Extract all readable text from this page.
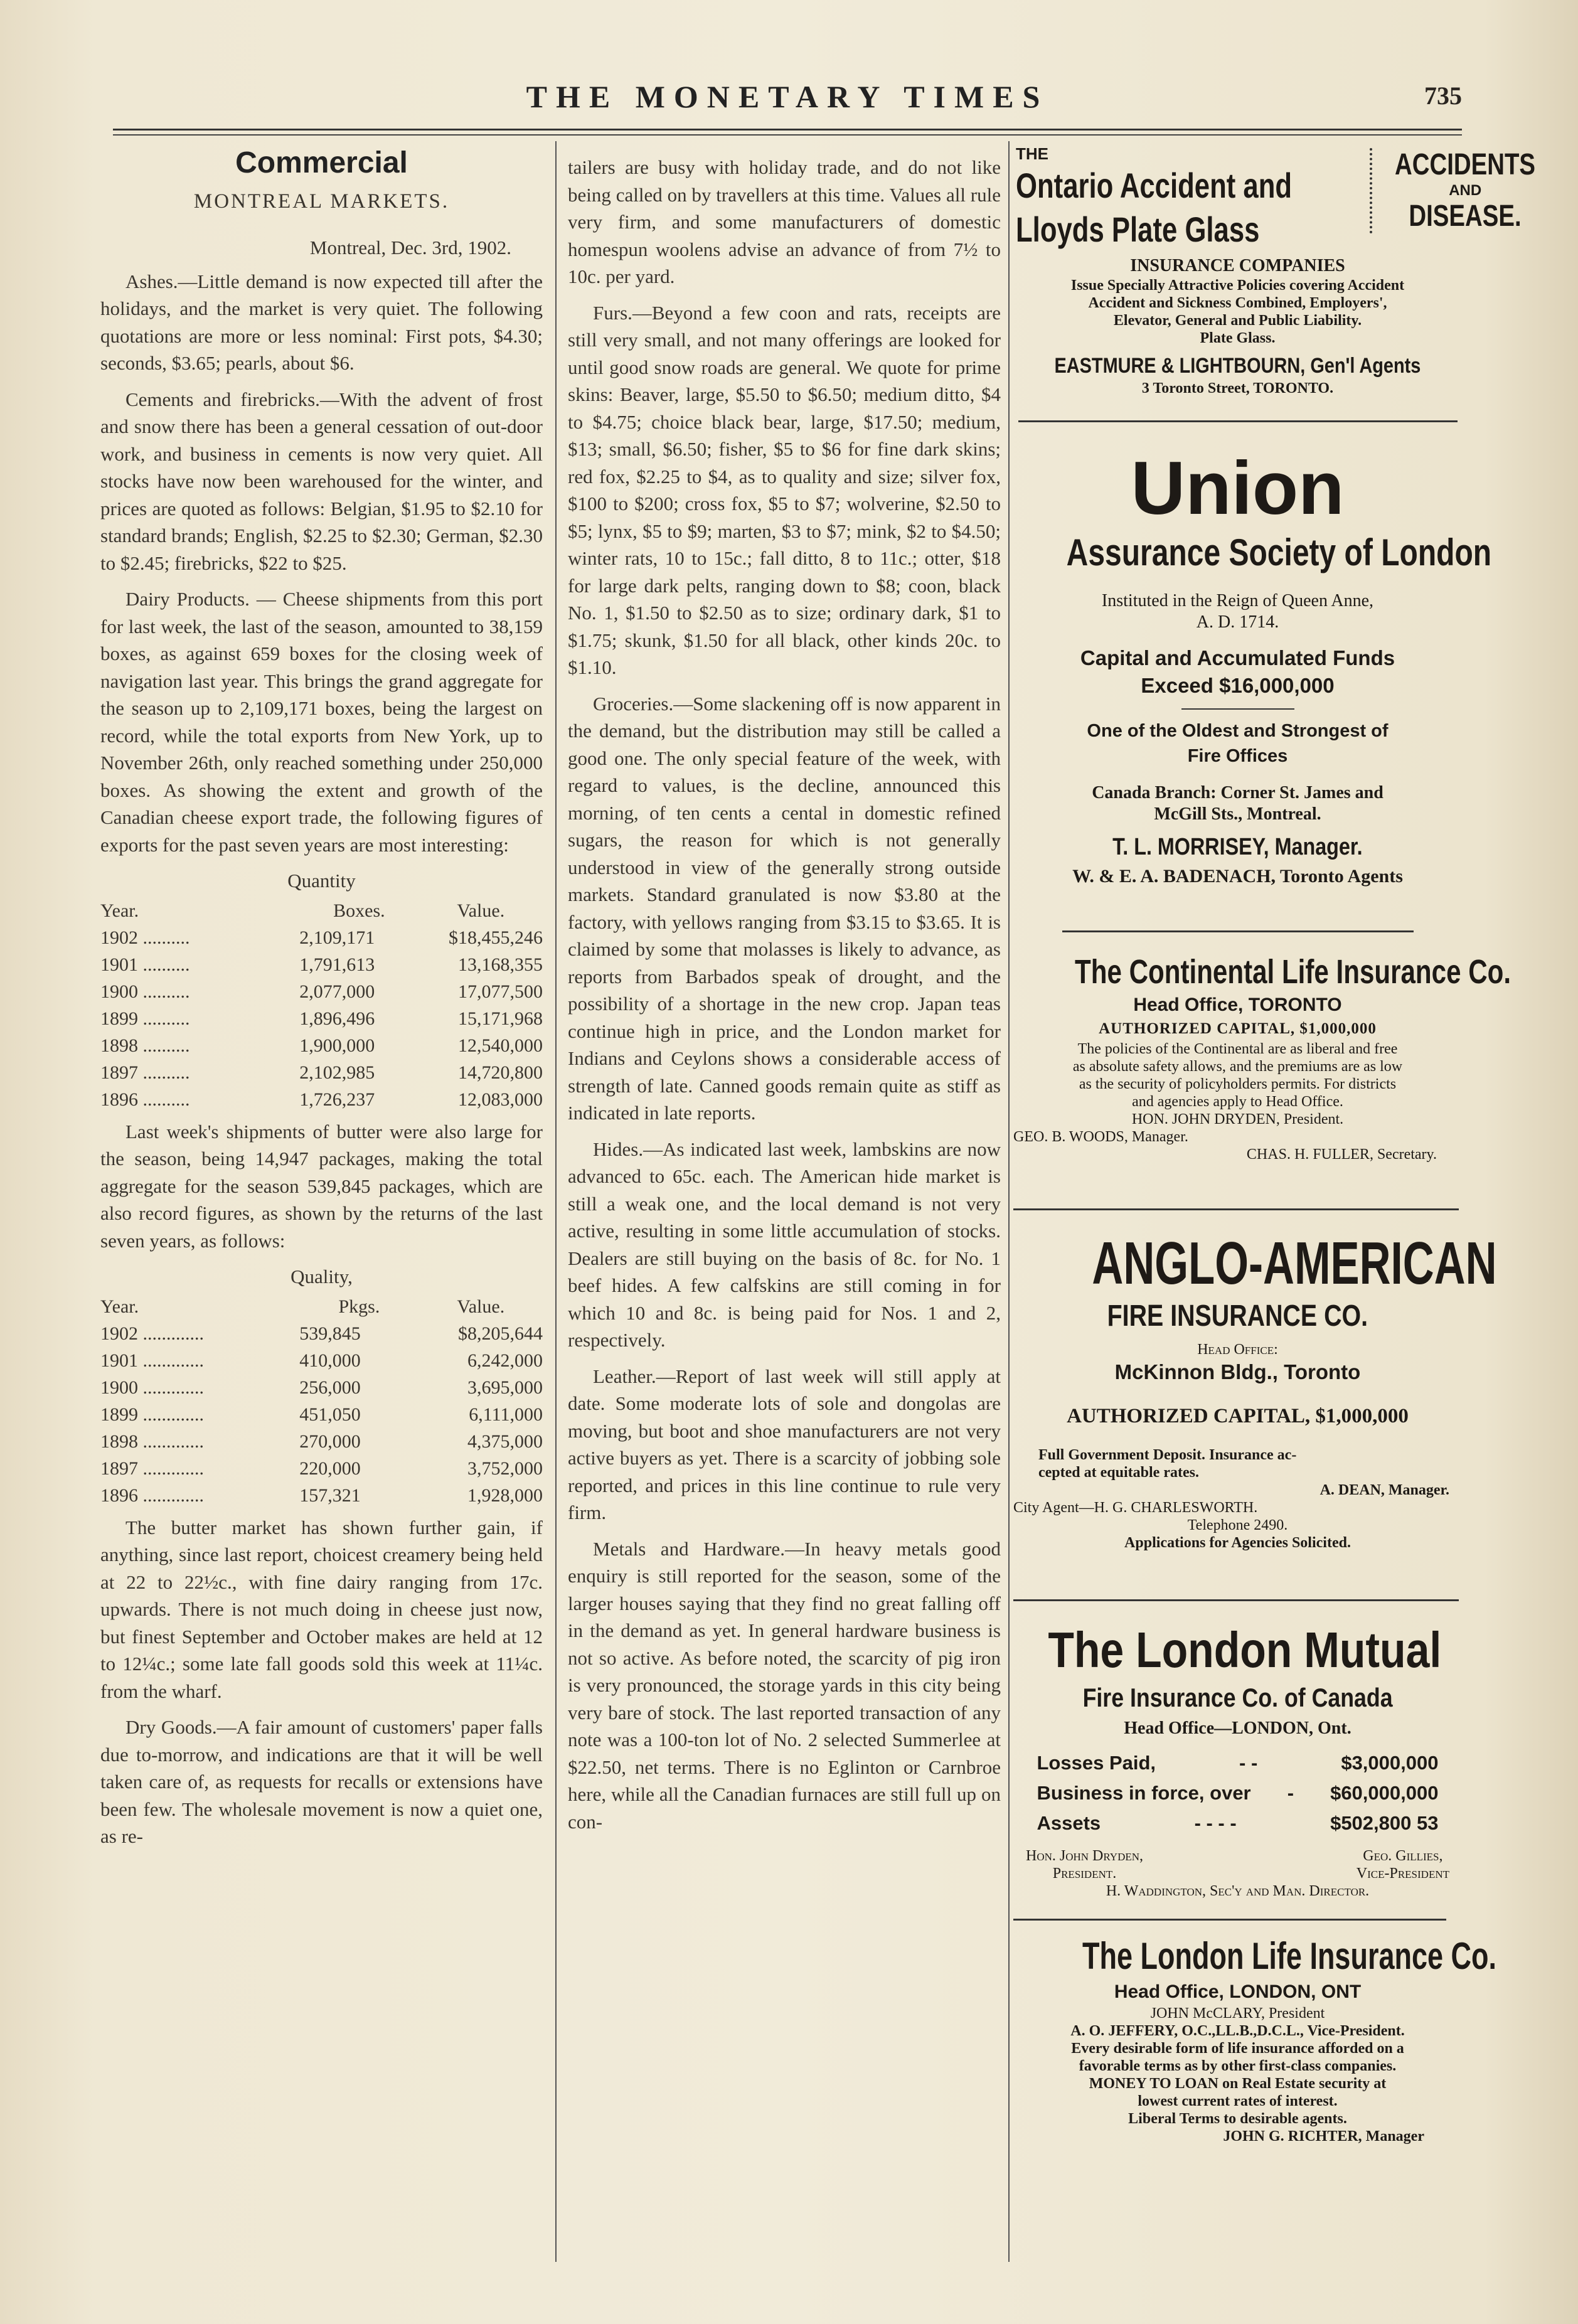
THE MONETARY TIMES	735
Commercial
MONTREAL MARKETS.
Montreal, Dec. 3rd, 1902.

Ashes.—Little demand is now expected till after the holidays, and the market is very quiet. The following quotations are more or less nominal: First pots, $4.30; seconds, $3.65; pearls, about $6.

Cements and firebricks.—With the advent of frost and snow there has been a general cessation of out-door work, and business in cements is now very quiet. All stocks have now been warehoused for the winter, and prices are quoted as follows: Belgian, $1.95 to $2.10 for standard brands; English, $2.25 to $2.30; German, $2.30 to $2.45; firebricks, $22 to $25.

Dairy Products. — Cheese shipments from this port for last week, the last of the season, amounted to 38,159 boxes, as against 659 boxes for the closing week of navigation last year. This brings the grand aggregate for the season up to 2,109,171 boxes, being the largest on record, while the total exports from New York, up to November 26th, only reached something under 250,000 boxes. As showing the extent and growth of the Canadian cheese export trade, the following figures of exports for the past seven years are most interesting:

Quantity
Year.	Boxes.	Value.
1902 ..........	2,109,171	$18,455,246
1901 ..........	1,791,613	13,168,355
1900 ..........	2,077,000	17,077,500
1899 ..........	1,896,496	15,171,968
1898 ..........	1,900,000	12,540,000
1897 ..........	2,102,985	14,720,800
1896 ..........	1,726,237	12,083,000

Last week's shipments of butter were also large for the season, being 14,947 packages, making the total aggregate for the season 539,845 packages, which are also record figures, as shown by the returns of the last seven years, as follows:

Quality,
Year.	Pkgs.	Value.
1902 .............	539,845	$8,205,644
1901 .............	410,000	6,242,000
1900 .............	256,000	3,695,000
1899 .............	451,050	6,111,000
1898 .............	270,000	4,375,000
1897 .............	220,000	3,752,000
1896 .............	157,321	1,928,000

The butter market has shown further gain, if anything, since last report, choicest creamery being held at 22 to 22½c., with fine dairy ranging from 17c. upwards. There is not much doing in cheese just now, but finest September and October makes are held at 12 to 12¼c.; some late fall goods sold this week at 11¼c. from the wharf.

Dry Goods.—A fair amount of customers' paper falls due to-morrow, and indications are that it will be well taken care of, as requests for recalls or extensions have been few. The wholesale movement is now a quiet one, as re-

tailers are busy with holiday trade, and do not like being called on by travellers at this time. Values all rule very firm, and some manufacturers of domestic homespun woolens advise an advance of from 7½ to 10c. per yard.

Furs.—Beyond a few coon and rats, receipts are still very small, and not many offerings are looked for until good snow roads are general. We quote for prime skins: Beaver, large, $5.50 to $6.50; medium ditto, $4 to $4.75; choice black bear, large, $17.50; medium, $13; small, $6.50; fisher, $5 to $6 for fine dark skins; red fox, $2.25 to $4, as to quality and size; silver fox, $100 to $200; cross fox, $5 to $7; wolverine, $2.50 to $5; lynx, $5 to $9; marten, $3 to $7; mink, $2 to $4.50; winter rats, 10 to 15c.; fall ditto, 8 to 11c.; otter, $18 for large dark pelts, ranging down to $8; coon, black No. 1, $1.50 to $2.50 as to size; ordinary dark, $1 to $1.75; skunk, $1.50 for all black, other kinds 20c. to $1.10.

Groceries.—Some slackening off is now apparent in the demand, but the distribution may still be called a good one. The only special feature of the week, with regard to values, is the decline, announced this morning, of ten cents a cental in domestic refined sugars, the reason for which is not generally understood in view of the generally strong outside markets. Standard granulated is now $3.80 at the factory, with yellows ranging from $3.15 to $3.65. It is claimed by some that molasses is likely to advance, as reports from Barbados speak of drought, and the possibility of a shortage in the new crop. Japan teas continue high in price, and the London market for Indians and Ceylons shows a considerable access of strength of late. Canned goods remain quite as stiff as indicated in late reports.

Hides.—As indicated last week, lambskins are now advanced to 65c. each. The American hide market is still a weak one, and the local demand is not very active, resulting in some little accumulation of stocks. Dealers are still buying on the basis of 8c. for No. 1 beef hides. A few calfskins are still coming in for which 10 and 8c. is being paid for Nos. 1 and 2, respectively.

Leather.—Report of last week will still apply at date. Some moderate lots of sole and dongolas are moving, but boot and shoe manufacturers are not very active buyers as yet. There is a scarcity of jobbing sole reported, and prices in this line continue to rule very firm.

Metals and Hardware.—In heavy metals good enquiry is still reported for the season, some of the larger houses saying that they find no great falling off in the demand as yet. In general hardware business is not so active. As before noted, the scarcity of pig iron is very pronounced, the storage yards in this city being very bare of stock. The last reported transaction of any note was a 100-ton lot of No. 2 selected Summerlee at $22.50, net terms. There is no Eglinton or Carnbroe here, while all the Canadian furnaces are still full up on con-

THE
Ontario Accident and
Lloyds Plate Glass
ACCIDENTS

AND
DISEASE.
INSURANCE COMPANIES
Issue Specially Attractive Policies covering Accident
Accident and Sickness Combined, Employers',
Elevator, General and Public Liability.
Plate Glass.
EASTMURE & LIGHTBOURN, Gen'l Agents
3 Toronto Street, TORONTO.
Union
Assurance Society of London
Instituted in the Reign of Queen Anne,
A. D. 1714.
Capital and Accumulated Funds
Exceed $16,000,000
One of the Oldest and Strongest of
Fire Offices
Canada Branch: Corner St. James and
McGill Sts., Montreal.
T. L. MORRISEY, Manager.

W. & E. A. BADENACH, Toronto Agents
The Continental Life Insurance Co.
Head Office, TORONTO
AUTHORIZED CAPITAL, $1,000,000
The policies of the Continental are as liberal and free
as absolute safety allows, and the premiums are as low
as the security of policyholders permits. For districts
and agencies apply to Head Office.
HON. JOHN DRYDEN, President.
GEO. B. WOODS, Manager.
CHAS. H. FULLER, Secretary.
ANGLO-AMERICAN
FIRE INSURANCE CO.
Head Office:
McKinnon Bldg., Toronto
AUTHORIZED CAPITAL, $1,000,000
Full Government Deposit. Insurance ac-
cepted at equitable rates.
A. DEAN, Manager.
City Agent—H. G. CHARLESWORTH.
Telephone 2490.
Applications for Agencies Solicited.
The London Mutual
Fire Insurance Co. of Canada
Head Office—LONDON, Ont.
Losses Paid,	- -	$3,000,000
Business in force, over - $60,000,000
Assets	- - - -	$502,800 53
Hon. John Dryden,
President.
Geo. Gillies,
Vice-President
H. Waddington, Sec'y and Man. Director.
The London Life Insurance Co.
Head Office, LONDON, ONT
JOHN McCLARY, President
A. O. JEFFERY, O.C.,LL.B.,D.C.L., Vice-President.
Every desirable form of life insurance afforded on a
favorable terms as by other first-class companies.
MONEY TO LOAN on Real Estate security at
lowest current rates of interest.
Liberal Terms to desirable agents.
JOHN G. RICHTER, Manager
